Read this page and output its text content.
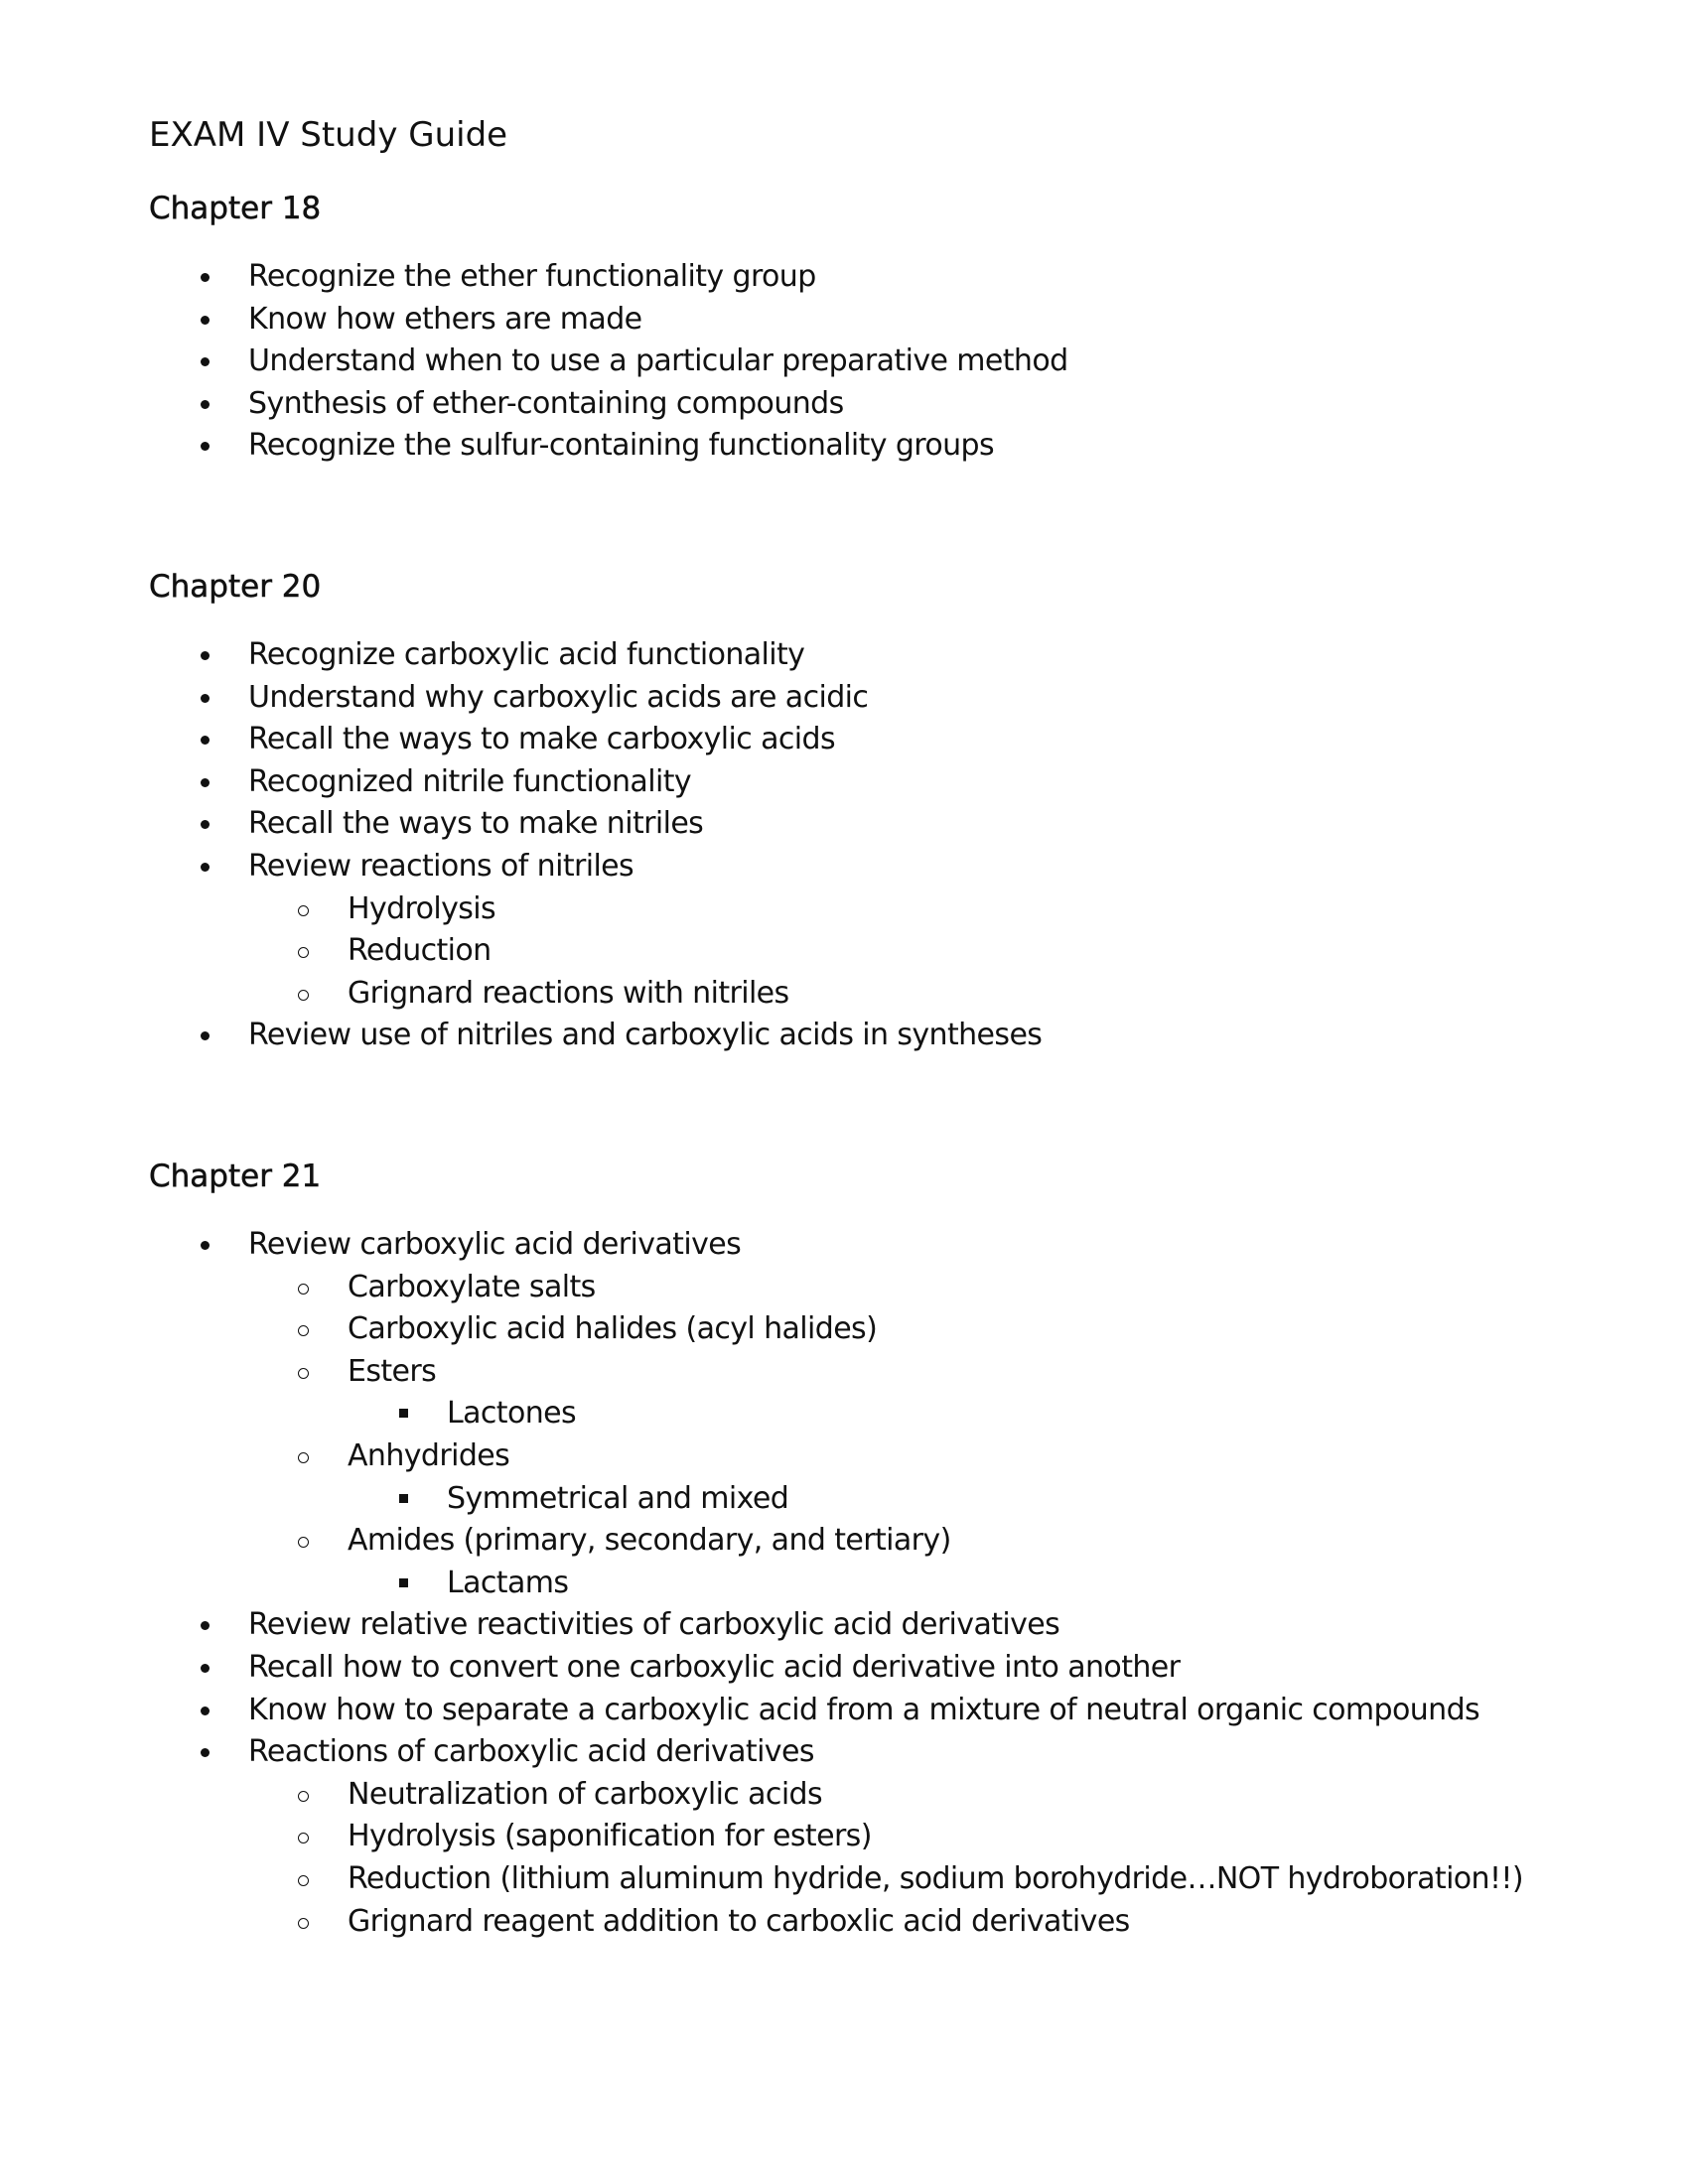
EXAM IV Study Guide
Chapter 18
Recognize the ether functionality group
Know how ethers are made
Understand when to use a particular preparative method
Synthesis of ether-containing compounds
Recognize the sulfur-containing functionality groups
Chapter 20
Recognize carboxylic acid functionality
Understand why carboxylic acids are acidic
Recall the ways to make carboxylic acids
Recognized nitrile functionality
Recall the ways to make nitriles
Review reactions of nitriles
Hydrolysis
Reduction
Grignard reactions with nitriles
Review use of nitriles and carboxylic acids in syntheses
Chapter 21
Review carboxylic acid derivatives
Carboxylate salts
Carboxylic acid halides (acyl halides)
Esters
Lactones
Anhydrides
Symmetrical and mixed
Amides (primary, secondary, and tertiary)
Lactams
Review relative reactivities of carboxylic acid derivatives
Recall how to convert one carboxylic acid derivative into another
Know how to separate a carboxylic acid from a mixture of neutral organic compounds
Reactions of carboxylic acid derivatives
Neutralization of carboxylic acids
Hydrolysis (saponification for esters)
Reduction (lithium aluminum hydride, sodium borohydride…NOT hydroboration!!)
Grignard reagent addition to carboxlic acid derivatives
